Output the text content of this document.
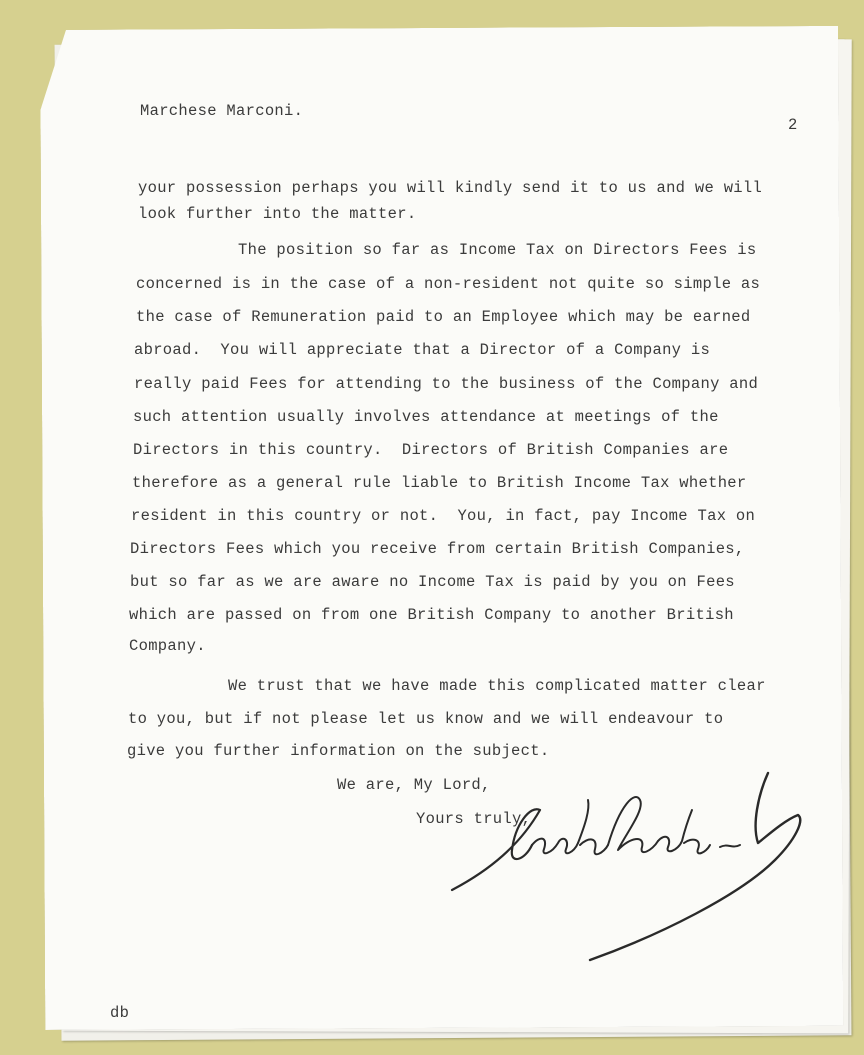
Marchese Marconi.
2
your possession perhaps you will kindly send it to us and we will
look further into the matter.
The position so far as Income Tax on Directors Fees is
concerned is in the case of a non-resident not quite so simple as
the case of Remuneration paid to an Employee which may be earned
abroad.  You will appreciate that a Director of a Company is
really paid Fees for attending to the business of the Company and
such attention usually involves attendance at meetings of the
Directors in this country.  Directors of British Companies are
therefore as a general rule liable to British Income Tax whether
resident in this country or not.  You, in fact, pay Income Tax on
Directors Fees which you receive from certain British Companies,
but so far as we are aware no Income Tax is paid by you on Fees
which are passed on from one British Company to another British
Company.
We trust that we have made this complicated matter clear
to you, but if not please let us know and we will endeavour to
give you further information on the subject.
We are, My Lord,
Yours truly,
db
